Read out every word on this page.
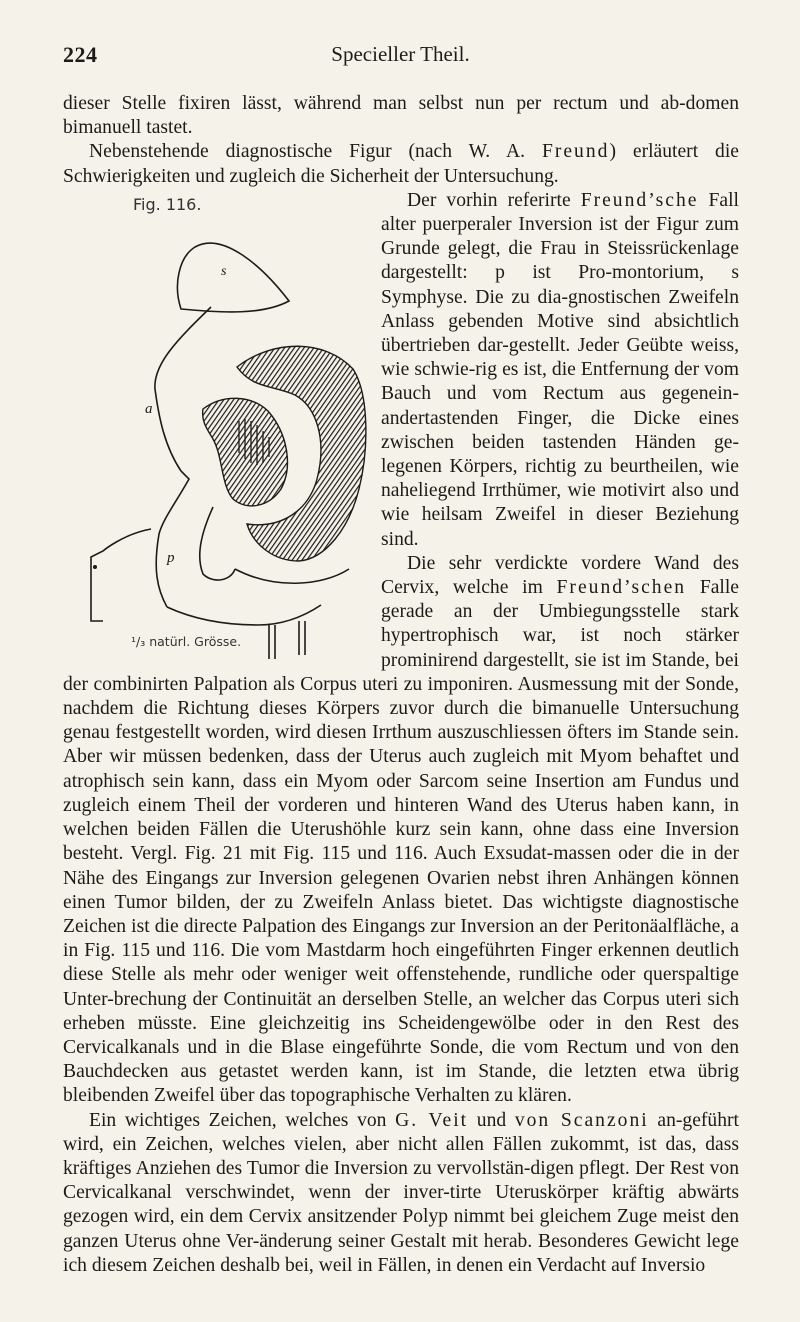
224	Specieller Theil.

dieser Stelle fixiren lässt, während man selbst nun per rectum und ab-domen bimanuell tastet.

Nebenstehende diagnostische Figur (nach W. A. Freund) erläutert die Schwierigkeiten und zugleich die Sicherheit der Untersuchung.

Fig. 116.
s
a
p
¹/₃ natürl. Grösse.

Der vorhin referirte Freund’sche Fall alter puerperaler Inversion ist der Figur zum Grunde gelegt, die Frau in Steissrückenlage dargestellt: p ist Pro-montorium, s Symphyse. Die zu dia-gnostischen Zweifeln Anlass gebenden Motive sind absichtlich übertrieben dar-gestellt. Jeder Geübte weiss, wie schwie-rig es ist, die Entfernung der vom Bauch und vom Rectum aus gegenein-andertastenden Finger, die Dicke eines zwischen beiden tastenden Händen ge-legenen Körpers, richtig zu beurtheilen, wie naheliegend Irrthümer, wie motivirt also und wie heilsam Zweifel in dieser Beziehung sind.

Die sehr verdickte vordere Wand des Cervix, welche im Freund’schen Falle gerade an der Umbiegungsstelle stark hypertrophisch war, ist noch stärker prominirend dargestellt, sie ist im Stande, bei der combinirten Palpation als Corpus uteri zu imponiren. Ausmessung mit der Sonde, nachdem die Richtung dieses Körpers zuvor durch die bimanuelle Untersuchung genau festgestellt worden, wird diesen Irrthum auszuschliessen öfters im Stande sein. Aber wir müssen bedenken, dass der Uterus auch zugleich mit Myom behaftet und atrophisch sein kann, dass ein Myom oder Sarcom seine Insertion am Fundus und zugleich einem Theil der vorderen und hinteren Wand des Uterus haben kann, in welchen beiden Fällen die Uterushöhle kurz sein kann, ohne dass eine Inversion besteht. Vergl. Fig. 21 mit Fig. 115 und 116. Auch Exsudat-massen oder die in der Nähe des Eingangs zur Inversion gelegenen Ovarien nebst ihren Anhängen können einen Tumor bilden, der zu Zweifeln Anlass bietet. Das wichtigste diagnostische Zeichen ist die directe Palpation des Eingangs zur Inversion an der Peritonäalfläche, a in Fig. 115 und 116. Die vom Mastdarm hoch eingeführten Finger erkennen deutlich diese Stelle als mehr oder weniger weit offenstehende, rundliche oder querspaltige Unter-brechung der Continuität an derselben Stelle, an welcher das Corpus uteri sich erheben müsste. Eine gleichzeitig ins Scheidengewölbe oder in den Rest des Cervicalkanals und in die Blase eingeführte Sonde, die vom Rectum und von den Bauchdecken aus getastet werden kann, ist im Stande, die letzten etwa übrig bleibenden Zweifel über das topographische Verhalten zu klären.

Ein wichtiges Zeichen, welches von G. Veit und von Scanzoni an-geführt wird, ein Zeichen, welches vielen, aber nicht allen Fällen zukommt, ist das, dass kräftiges Anziehen des Tumor die Inversion zu vervollstän-digen pflegt. Der Rest von Cervicalkanal verschwindet, wenn der inver-tirte Uteruskörper kräftig abwärts gezogen wird, ein dem Cervix ansitzender Polyp nimmt bei gleichem Zuge meist den ganzen Uterus ohne Ver-änderung seiner Gestalt mit herab. Besonderes Gewicht lege ich diesem Zeichen deshalb bei, weil in Fällen, in denen ein Verdacht auf Inversio
